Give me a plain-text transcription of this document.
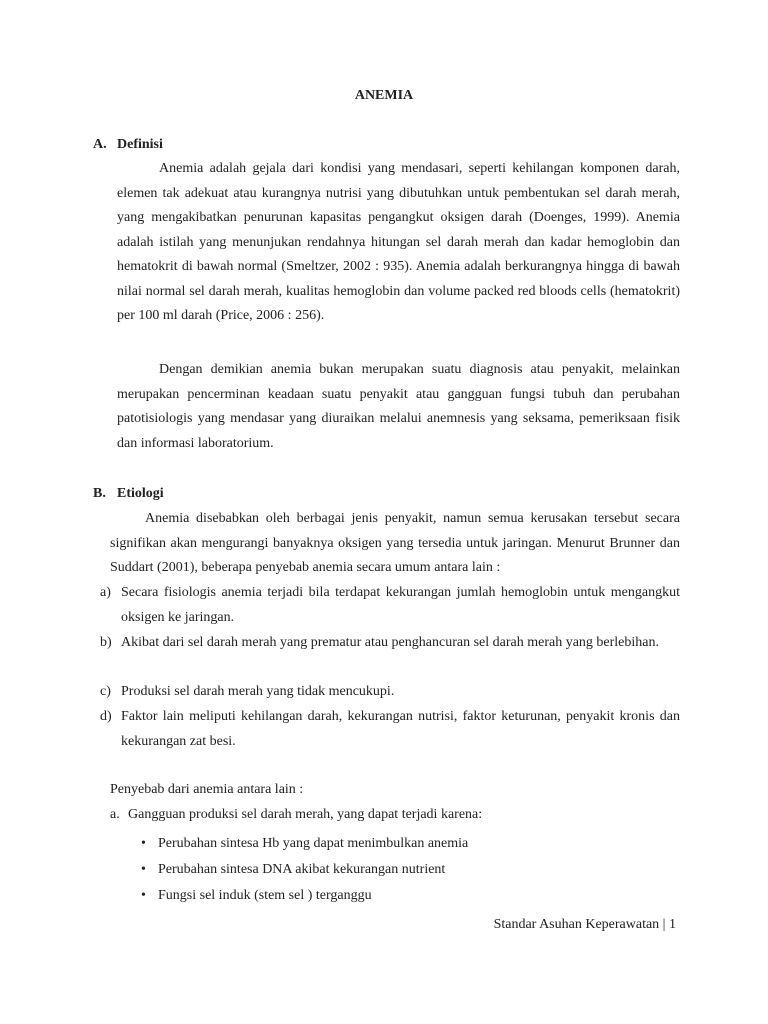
ANEMIA
A. Definisi

Anemia adalah gejala dari kondisi yang mendasari, seperti kehilangan komponen darah, elemen tak adekuat atau kurangnya nutrisi yang dibutuhkan untuk pembentukan sel darah merah, yang mengakibatkan penurunan kapasitas pengangkut oksigen darah (Doenges, 1999). Anemia adalah istilah yang menunjukan rendahnya hitungan sel darah merah dan kadar hemoglobin dan hematokrit di bawah normal (Smeltzer, 2002 : 935). Anemia adalah berkurangnya hingga di bawah nilai normal sel darah merah, kualitas hemoglobin dan volume packed red bloods cells (hematokrit) per 100 ml darah (Price, 2006 : 256).

Dengan demikian anemia bukan merupakan suatu diagnosis atau penyakit, melainkan merupakan pencerminan keadaan suatu penyakit atau gangguan fungsi tubuh dan perubahan patotisiologis yang mendasar yang diuraikan melalui anemnesis yang seksama, pemeriksaan fisik dan informasi laboratorium.

B. Etiologi

Anemia disebabkan oleh berbagai jenis penyakit, namun semua kerusakan tersebut secara signifikan akan mengurangi banyaknya oksigen yang tersedia untuk jaringan. Menurut Brunner dan Suddart (2001), beberapa penyebab anemia secara umum antara lain :

a) Secara fisiologis anemia terjadi bila terdapat kekurangan jumlah hemoglobin untuk mengangkut oksigen ke jaringan.
b) Akibat dari sel darah merah yang prematur atau penghancuran sel darah merah yang berlebihan.
c) Produksi sel darah merah yang tidak mencukupi.
d) Faktor lain meliputi kehilangan darah, kekurangan nutrisi, faktor keturunan, penyakit kronis dan kekurangan zat besi.
Penyebab dari anemia antara lain :
a. Gangguan produksi sel darah merah, yang dapat terjadi karena:
• Perubahan sintesa Hb yang dapat menimbulkan anemia
• Perubahan sintesa DNA akibat kekurangan nutrient
• Fungsi sel induk (stem sel ) terganggu
Standar Asuhan Keperawatan | 1
